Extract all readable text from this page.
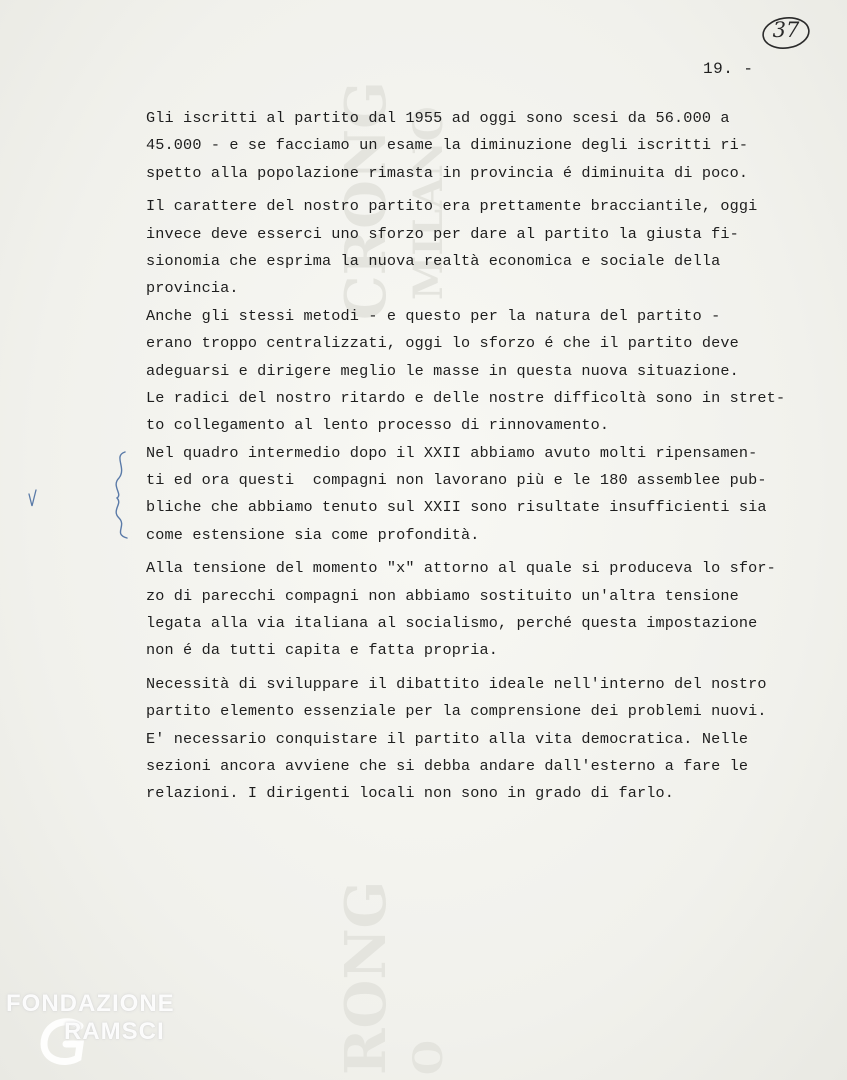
CRONG MILANO
RONG O
37
19. -
Gli iscritti al partito dal 1955 ad oggi sono scesi da 56.000 a
45.000 - e se facciamo un esame la diminuzione degli iscritti ri-
spetto alla popolazione rimasta in provincia é diminuita di poco.
Il carattere del nostro partito era prettamente bracciantile, oggi
invece deve esserci uno sforzo per dare al partito la giusta fi-
sionomia che esprima la nuova realtà economica e sociale della
provincia.
Anche gli stessi metodi - e questo per la natura del partito -
erano troppo centralizzati, oggi lo sforzo é che il partito deve
adeguarsi e dirigere meglio le masse in questa nuova situazione.
Le radici del nostro ritardo e delle nostre difficoltà sono in stret-
to collegamento al lento processo di rinnovamento.
Nel quadro intermedio dopo il XXII abbiamo avuto molti ripensamen-
ti ed ora questi  compagni non lavorano più e le 180 assemblee pub-
bliche che abbiamo tenuto sul XXII sono risultate insufficienti sia
come estensione sia come profondità.
Alla tensione del momento "x" attorno al quale si produceva lo sfor-
zo di parecchi compagni non abbiamo sostituito un'altra tensione
legata alla via italiana al socialismo, perché questa impostazione
non é da tutti capita e fatta propria.
Necessità di sviluppare il dibattito ideale nell'interno del nostro
partito elemento essenziale per la comprensione dei problemi nuovi.
E' necessario conquistare il partito alla vita democratica. Nelle
sezioni ancora avviene che si debba andare dall'esterno a fare le
relazioni. I dirigenti locali non sono in grado di farlo.
FONDAZIONE
RAMSCI
